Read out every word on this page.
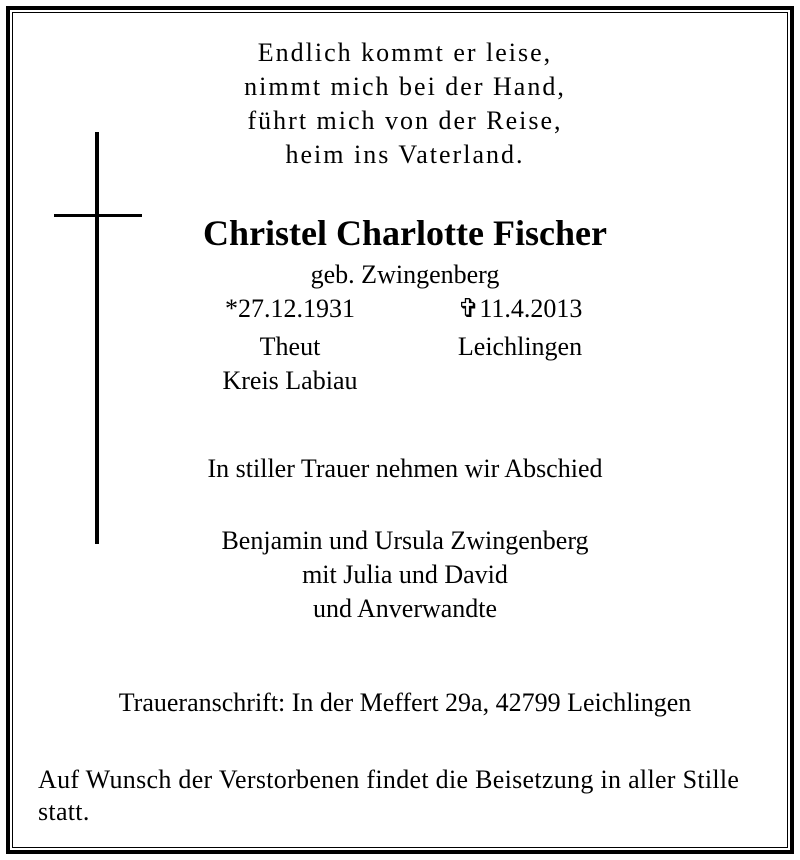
Endlich kommt er leise,
nimmt mich bei der Hand,
führt mich von der Reise,
heim ins Vaterland.
Christel Charlotte Fischer
geb. Zwingenberg
*27.12.1931	✞11.4.2013
Theut	Leichlingen
Kreis Labiau
In stiller Trauer nehmen wir Abschied
Benjamin und Ursula Zwingenberg
mit Julia und David
und Anverwandte
Traueranschrift: In der Meffert 29a, 42799 Leichlingen
Auf Wunsch der Verstorbenen findet die Beisetzung in aller Stille statt.
